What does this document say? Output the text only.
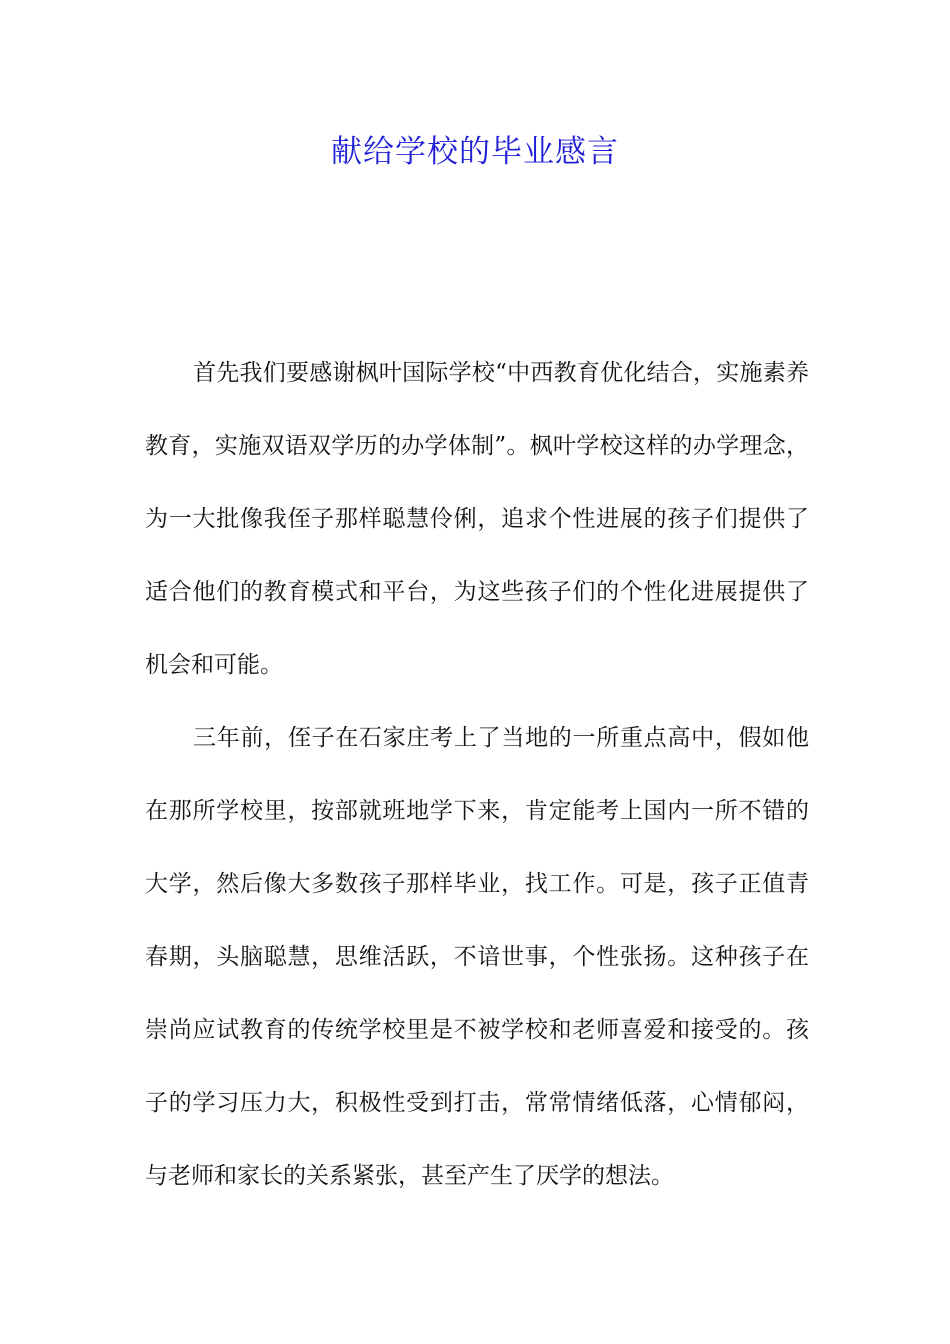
献给学校的毕业感言

首先我们要感谢枫叶国际学校“中西教育优化结合，实施素养教育，实施双语双学历的办学体制”。枫叶学校这样的办学理念，为一大批像我侄子那样聪慧伶俐，追求个性进展的孩子们提供了适合他们的教育模式和平台，为这些孩子们的个性化进展提供了机会和可能。

三年前，侄子在石家庄考上了当地的一所重点高中，假如他在那所学校里，按部就班地学下来，肯定能考上国内一所不错的大学，然后像大多数孩子那样毕业，找工作。可是，孩子正值青春期，头脑聪慧，思维活跃，不谙世事，个性张扬。这种孩子在崇尚应试教育的传统学校里是不被学校和老师喜爱和接受的。孩子的学习压力大，积极性受到打击，常常情绪低落，心情郁闷，与老师和家长的关系紧张，甚至产生了厌学的想法。
